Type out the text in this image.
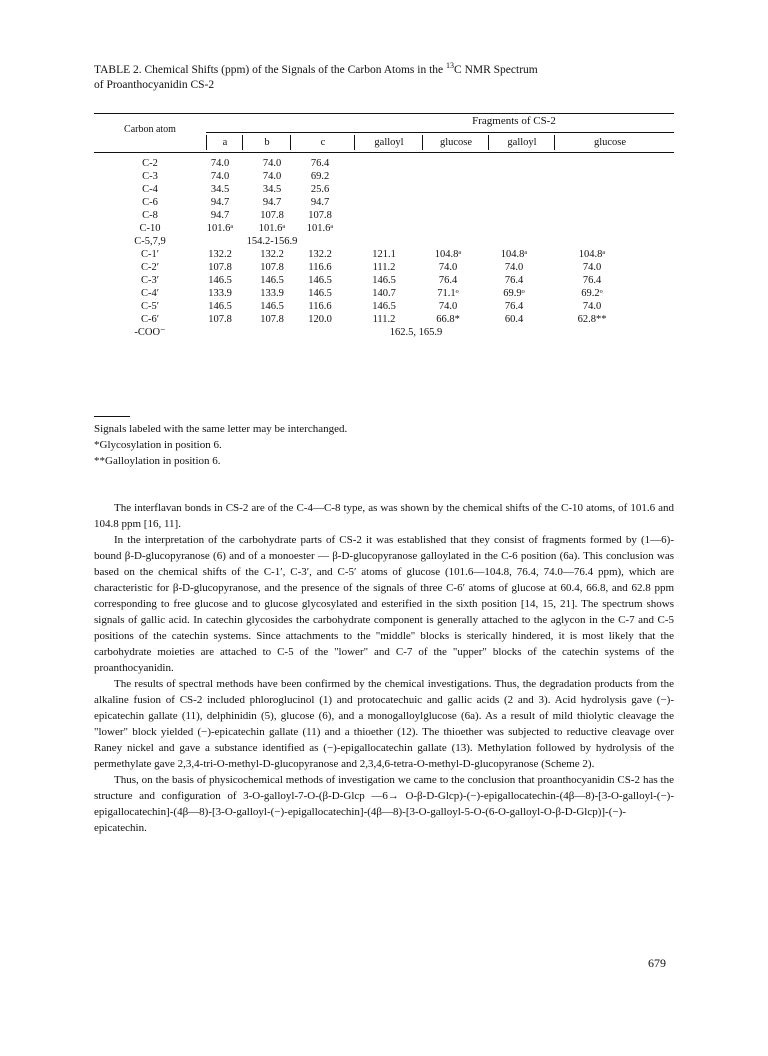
TABLE 2. Chemical Shifts (ppm) of the Signals of the Carbon Atoms in the $^{13}$C NMR Spectrum
of Proanthocyanidin CS-2
Fragments of CS-2
Carbon atom
a	b	c	galloyl	glucose	galloyl	glucose
C-2	74.0	74.0	76.4
C-3	74.0	74.0	69.2
C-4	34.5	34.5	25.6
C-6	94.7	94.7	94.7
C-8	94.7	107.8	107.8
C-10	101.6ᵃ	101.6ᵃ	101.6ᵃ
C-5,7,9	154.2-156.9
C-1′	132.2	132.2	132.2	121.1	104.8ᵃ	104.8ᵃ	104.8ᵃ
C-2′	107.8	107.8	116.6	111.2	74.0	74.0	74.0
C-3′	146.5	146.5	146.5	146.5	76.4	76.4	76.4
C-4′	133.9	133.9	146.5	140.7	71.1ᵒ	69.9ᵒ	69.2ᵒ
C-5′	146.5	146.5	116.6	146.5	74.0	76.4	74.0
C-6′	107.8	107.8	120.0	111.2	66.8*	60.4	62.8**
-COO⁻	162.5, 165.9
Signals labeled with the same letter may be interchanged.
*Glycosylation in position 6.
**Galloylation in position 6.

The interflavan bonds in CS-2 are of the C-4—C-8 type, as was shown by the chemical shifts of the C-10 atoms, of 101.6 and 104.8 ppm [16, 11].

In the interpretation of the carbohydrate parts of CS-2 it was established that they consist of fragments formed by (1—6)-bound β-D-glucopyranose (6) and of a monoester — β-D-glucopyranose galloylated in the C-6 position (6a). This conclusion was based on the chemical shifts of the C-1′, C-3′, and C-5′ atoms of glucose (101.6—104.8, 76.4, 74.0—76.4 ppm), which are characteristic for β-D-glucopyranose, and the presence of the signals of three C-6′ atoms of glucose at 60.4, 66.8, and 62.8 ppm corresponding to free glucose and to glucose glycosylated and esterified in the sixth position [14, 15, 21]. The spectrum shows signals of gallic acid. In catechin glycosides the carbohydrate component is generally attached to the aglycon in the C-7 and C-5 positions of the catechin systems. Since attachments to the "middle" blocks is sterically hindered, it is most likely that the carbohydrate moieties are attached to C-5 of the "lower" and C-7 of the "upper" blocks of the catechin systems of the proanthocyanidin.

The results of spectral methods have been confirmed by the chemical investigations. Thus, the degradation products from the alkaline fusion of CS-2 included phloroglucinol (1) and protocatechuic and gallic acids (2 and 3). Acid hydrolysis gave (−)-epicatechin gallate (11), delphinidin (5), glucose (6), and a monogalloylglucose (6a). As a result of mild thiolytic cleavage the "lower" block yielded (−)-epicatechin gallate (11) and a thioether (12). The thioether was subjected to reductive cleavage over Raney nickel and gave a substance identified as (−)-epigallocatechin gallate (13). Methylation followed by hydrolysis of the permethylate gave 2,3,4-tri-O-methyl-D-glucopyranose and 2,3,4,6-tetra-O-methyl-D-glucopyranose (Scheme 2).

Thus, on the basis of physicochemical methods of investigation we came to the conclusion that proanthocyanidin CS-2 has the structure and configuration of 3-O-galloyl-7-O-(β-D-Glcp —6→ O-β-D-Glcp)-(−)-epigallocatechin-(4β—8)-[3-O-galloyl-(−)-epigallocatechin]-(4β—8)-[3-O-galloyl-(−)-epigallocatechin]-(4β—8)-[3-O-galloyl-5-O-(6-O-galloyl-O-β-D-Glcp)]-(−)-epicatechin.

679
